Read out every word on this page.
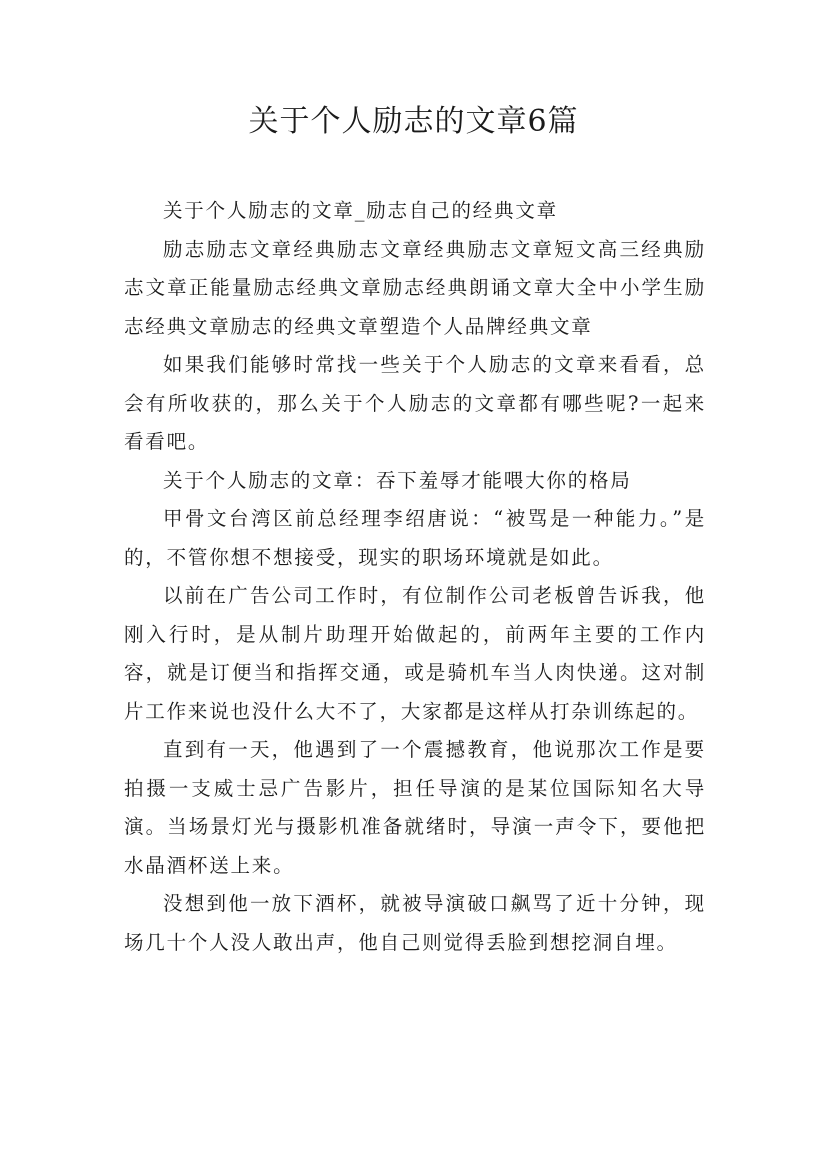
关于个人励志的文章6篇

关于个人励志的文章_励志自己的经典文章

励志励志文章经典励志文章经典励志文章短文高三经典励志文章正能量励志经典文章励志经典朗诵文章大全中小学生励志经典文章励志的经典文章塑造个人品牌经典文章

如果我们能够时常找一些关于个人励志的文章来看看，总会有所收获的，那么关于个人励志的文章都有哪些呢?一起来看看吧。

关于个人励志的文章：吞下羞辱才能喂大你的格局

甲骨文台湾区前总经理李绍唐说：“被骂是一种能力。”是的，不管你想不想接受，现实的职场环境就是如此。

以前在广告公司工作时，有位制作公司老板曾告诉我，他刚入行时，是从制片助理开始做起的，前两年主要的工作内容，就是订便当和指挥交通，或是骑机车当人肉快递。这对制片工作来说也没什么大不了，大家都是这样从打杂训练起的。

直到有一天，他遇到了一个震撼教育，他说那次工作是要拍摄一支威士忌广告影片，担任导演的是某位国际知名大导演。当场景灯光与摄影机准备就绪时，导演一声令下，要他把水晶酒杯送上来。

没想到他一放下酒杯，就被导演破口飙骂了近十分钟，现场几十个人没人敢出声，他自己则觉得丢脸到想挖洞自埋。
